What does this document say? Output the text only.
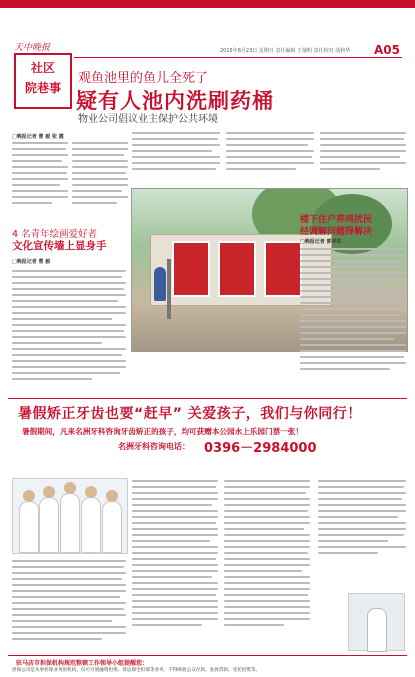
天中晚报
社区
院巷事
2015年8月23日 星期日 责任编辑 王郁明 责任校对 胡莉华 A05
观鱼池里的鱼儿全死了
疑有人池内洗刷药桶
物业公司倡议业主保护公共环境
□晚报记者 曹 毅 张 霞
4 名青年绘画爱好者
文化宣传墙上显身手
□晚报记者 曹 毅
楼下住户养鸡扰民
经调解问题得解决
□晚报记者 郭华东
暑假矫正牙齿也要“赶早” 关爱孩子，我们与你同行！
暑假期间，凡来名洲牙科咨询牙齿矫正的孩子，均可获赠本公园水上乐园门票一张！
名洲牙科咨询电话： 0396－2984000
驻马店市担保机构规范整顿工作领导小组提醒您：
担保公司是从事担保业务的机构，仅可开展融资担保、诉讼保全担保等业务，不得吸收公众存款、发放贷款、受托投资等。
